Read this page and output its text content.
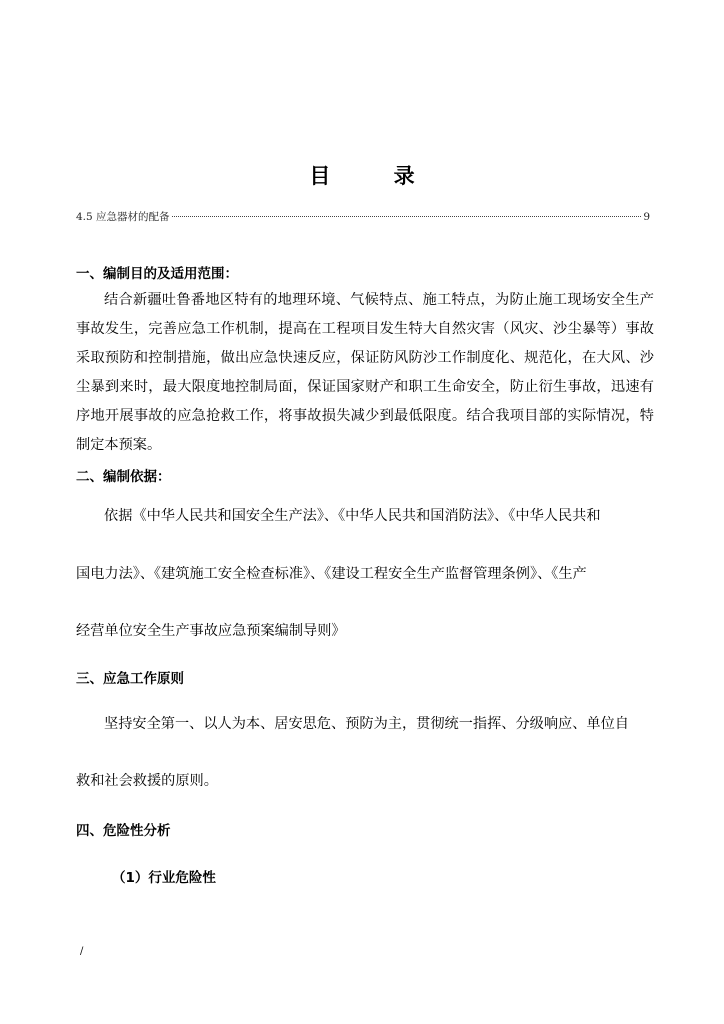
目 录
4.5 应急器材的配备	9
一、编制目的及适用范围：
结合新疆吐鲁番地区特有的地理环境、气候特点、施工特点，为防止施工现场安全生产事故发生，完善应急工作机制，提高在工程项目发生特大自然灾害（风灾、沙尘暴等）事故采取预防和控制措施，做出应急快速反应，保证防风防沙工作制度化、规范化，在大风、沙尘暴到来时，最大限度地控制局面，保证国家财产和职工生命安全，防止衍生事故，迅速有序地开展事故的应急抢救工作，将事故损失减少到最低限度。结合我项目部的实际情况，特制定本预案。
二、编制依据：
依据《中华人民共和国安全生产法》、《中华人民共和国消防法》、《中华人民共和
国电力法》、《建筑施工安全检查标准》、《建设工程安全生产监督管理条例》、《生产
经营单位安全生产事故应急预案编制导则》
三、应急工作原则
坚持安全第一、以人为本、居安思危、预防为主，贯彻统一指挥、分级响应、单位自
救和社会救援的原则。
四、危险性分析
（1）行业危险性
/
